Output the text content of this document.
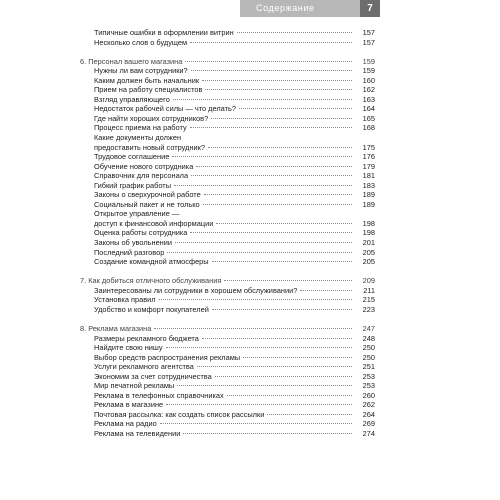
Содержание	7
Типичные ошибки в оформлении витрин	157
Несколько слов о будущем	157
6. Персонал вашего магазина	159
Нужны ли вам сотрудники?	159
Каким должен быть начальник	160
Прием на работу специалистов	162
Взгляд управляющего	163
Недостаток рабочей силы — что делать?	164
Где найти хороших сотрудников?	165
Процесс приема на работу	168
Какие документы должен
предоставить новый сотрудник?	175
Трудовое соглашение	176
Обучение нового сотрудника	179
Справочник для персонала	181
Гибкий график работы	183
Законы о сверхурочной работе	189
Социальный пакет и не только	189
Открытое управление —
доступ к финансовой информации	198
Оценка работы сотрудника	198
Законы об увольнении	201
Последний разговор	205
Создание командной атмосферы	205
7. Как добиться отличного обслуживания	209
Заинтересованы ли сотрудники в хорошем обслуживании?	211
Установка правил	215
Удобство и комфорт покупателей	223
8. Реклама магазина	247
Размеры рекламного бюджета	248
Найдите свою нишу	250
Выбор средств распространения рекламы	250
Услуги рекламного агентства	251
Экономим за счет сотрудничества	253
Мир печатной рекламы	253
Реклама в телефонных справочниках	260
Реклама в магазине	262
Почтовая рассылка: как создать список рассылки	264
Реклама на радио	269
Реклама на телевидении	274
